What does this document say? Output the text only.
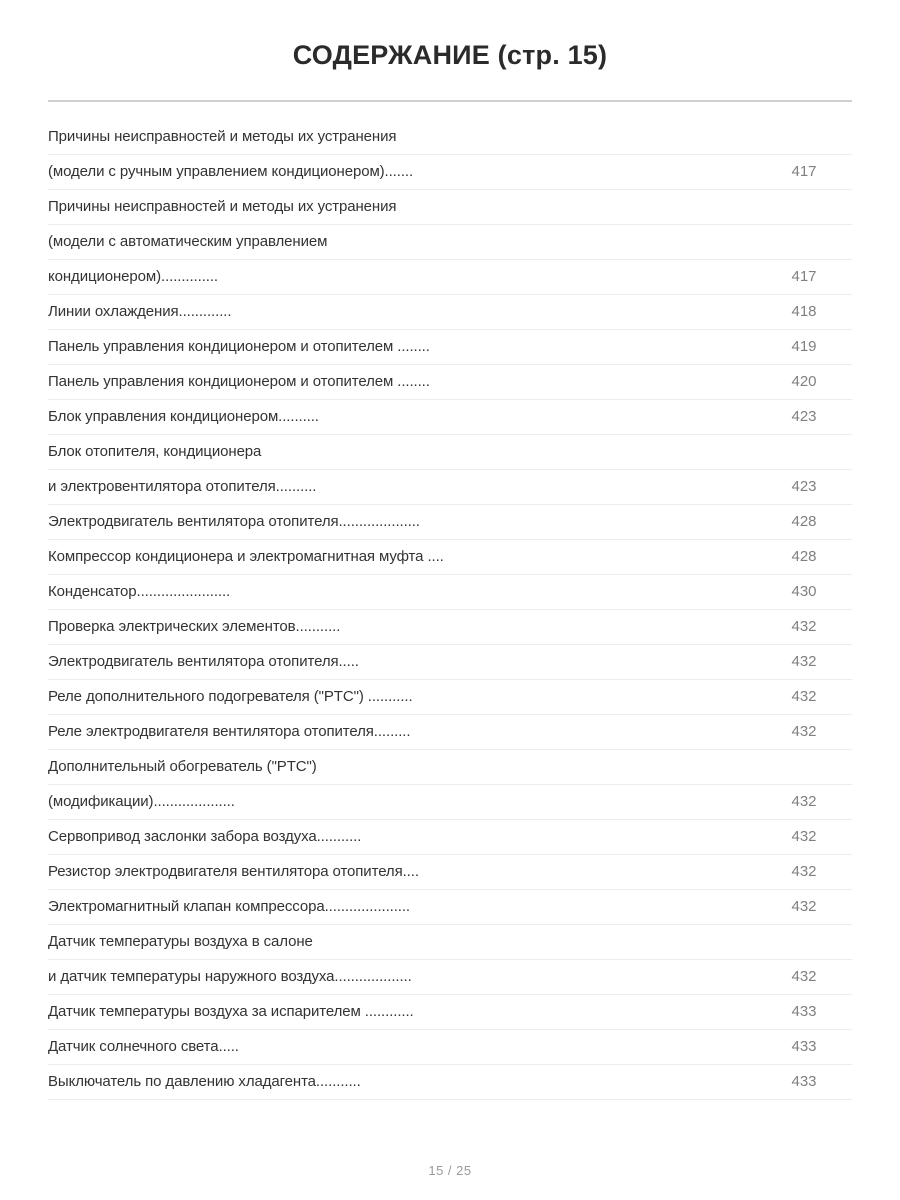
СОДЕРЖАНИЕ (стр. 15)
Причины неисправностей и методы их устранения	
(модели с ручным управлением кондиционером).......	417
Причины неисправностей и методы их устранения	
(модели с автоматическим управлением	
кондиционером)..............	417
Линии охлаждения.............	418
Панель управления кондиционером и отопителем ........	419
Панель управления кондиционером и отопителем ........	420
Блок управления кондиционером..........	423
Блок отопителя, кондиционера	
и электровентилятора отопителя..........	423
Электродвигатель вентилятора отопителя....................	428
Компрессор кондиционера и электромагнитная муфта ....	428
Конденсатор.......................	430
Проверка электрических элементов...........	432
Электродвигатель вентилятора отопителя.....	432
Реле дополнительного подогревателя ("PTC") ...........	432
Реле электродвигателя вентилятора отопителя.........	432
Дополнительный обогреватель ("PTC")	
(модификации)....................	432
Сервопривод заслонки забора воздуха...........	432
Резистор электродвигателя вентилятора отопителя....	432
Электромагнитный клапан компрессора.....................	432
Датчик температуры воздуха в салоне	
и датчик температуры наружного воздуха...................	432
Датчик температуры воздуха за испарителем ............	433
Датчик солнечного света.....	433
Выключатель по давлению хладагента...........	433
15 / 25
